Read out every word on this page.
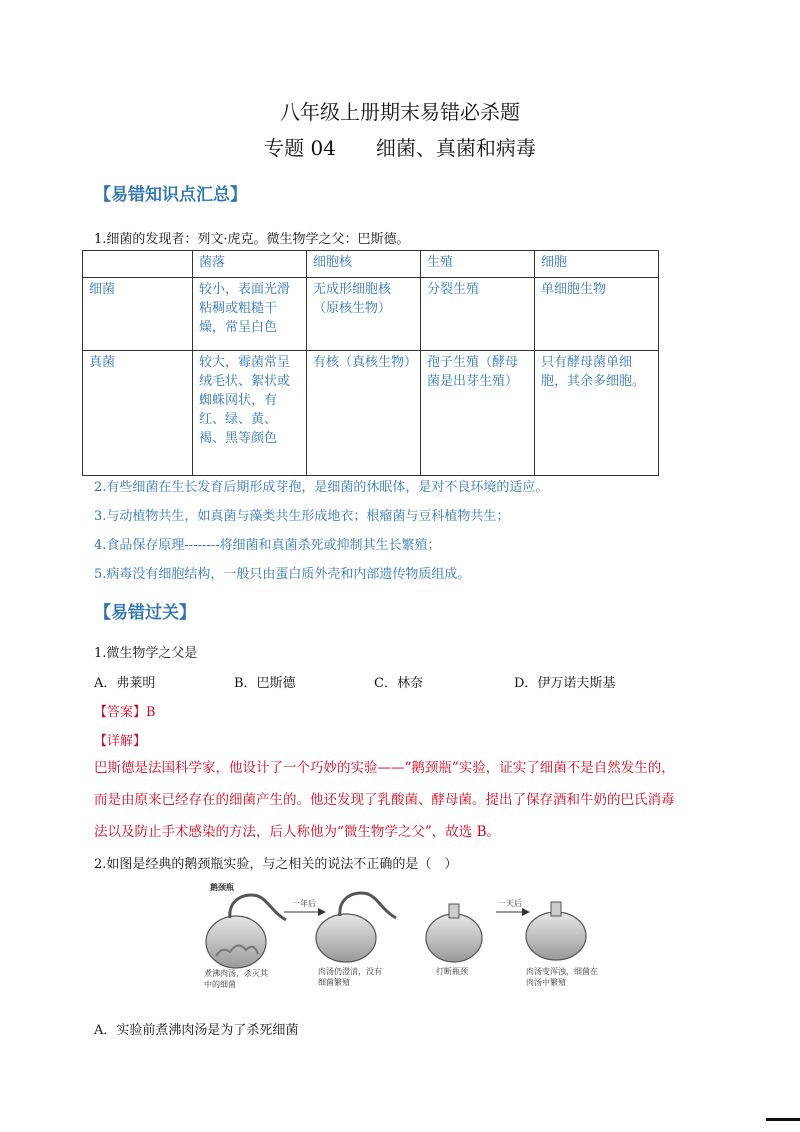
八年级上册期末易错必杀题
专题 04　　细菌、真菌和病毒
【易错知识点汇总】
1.细菌的发现者：列文·虎克。微生物学之父：巴斯德。
	菌落	细胞核	生殖	细胞
细菌	较小，表面光滑粘稠或粗糙干燥，常呈白色	无成形细胞核（原核生物）	分裂生殖	单细胞生物
真菌	较大，霉菌常呈绒毛状、絮状或蜘蛛网状，有红、绿、黄、褐、黑等颜色	有核（真核生物）	孢子生殖（酵母菌是出芽生殖）	只有酵母菌单细胞，其余多细胞。
2.有些细菌在生长发育后期形成芽孢，是细菌的休眠体，是对不良环境的适应。
3.与动植物共生，如真菌与藻类共生形成地衣；根瘤菌与豆科植物共生；
4.食品保存原理--------将细菌和真菌杀死或抑制其生长繁殖；
5.病毒没有细胞结构，一般只由蛋白质外壳和内部遗传物质组成。
【易错过关】
1.微生物学之父是
A．弗莱明	B．巴斯德	C．林奈	D．伊万诺夫斯基
【答案】B
【详解】
巴斯德是法国科学家，他设计了一个巧妙的实验——“鹅颈瓶”实验，证实了细菌不是自然发生的，
而是由原来已经存在的细菌产生的。他还发现了乳酸菌、酵母菌。提出了保存酒和牛奶的巴氏消毒
法以及防止手术感染的方法，后人称他为“微生物学之父”，故选 B。
2.如图是经典的鹅颈瓶实验，与之相关的说法不正确的是（　）
鹅颈瓶
一年后	一天后
煮沸肉汤，杀灭其中的细菌
肉汤仍澄清，没有细菌繁殖
打断瓶颈	肉汤变浑浊，细菌在肉汤中繁殖
A．实验前煮沸肉汤是为了杀死细菌
